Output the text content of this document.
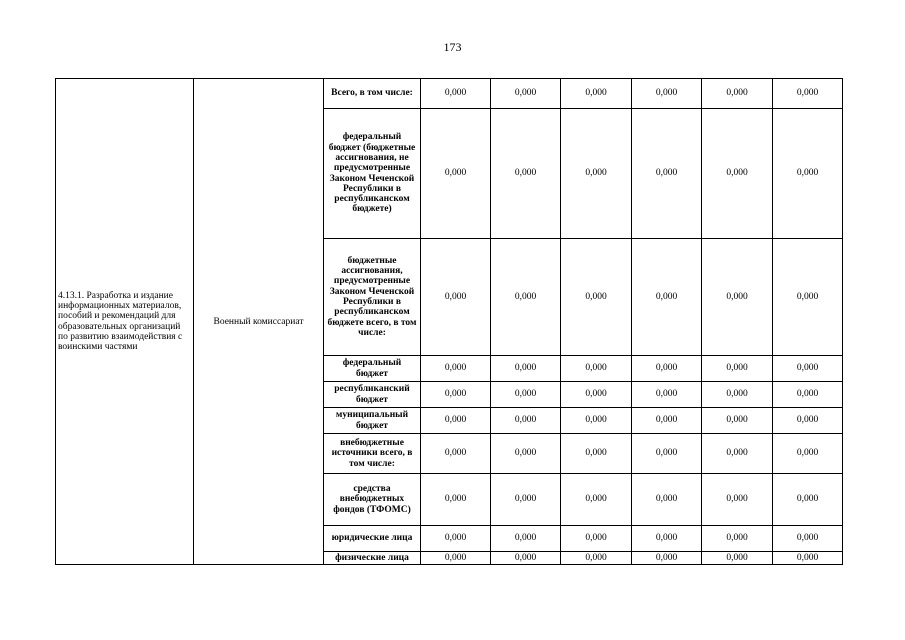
173
4.13.1. Разработка и издание информационных материалов, пособий и рекомендаций для образовательных организаций по развитию взаимодействия с воинскими частями	Военный комиссариат	Всего, в том числе:	0,000	0,000	0,000	0,000	0,000	0,000
		федеральный бюджет (бюджетные ассигнования, не предусмотренные Законом Чеченской Республики в республиканском бюджете)	0,000	0,000	0,000	0,000	0,000	0,000
		бюджетные ассигнования, предусмотренные Законом Чеченской Республики в республиканском бюджете всего, в том числе:	0,000	0,000	0,000	0,000	0,000	0,000
		федеральный бюджет	0,000	0,000	0,000	0,000	0,000	0,000
		республиканский бюджет	0,000	0,000	0,000	0,000	0,000	0,000
		муниципальный бюджет	0,000	0,000	0,000	0,000	0,000	0,000
		внебюджетные источники всего, в том числе:	0,000	0,000	0,000	0,000	0,000	0,000
		средства внебюджетных фондов (ТФОМС)	0,000	0,000	0,000	0,000	0,000	0,000
		юридические лица	0,000	0,000	0,000	0,000	0,000	0,000
		физические лица	0,000	0,000	0,000	0,000	0,000	0,000
